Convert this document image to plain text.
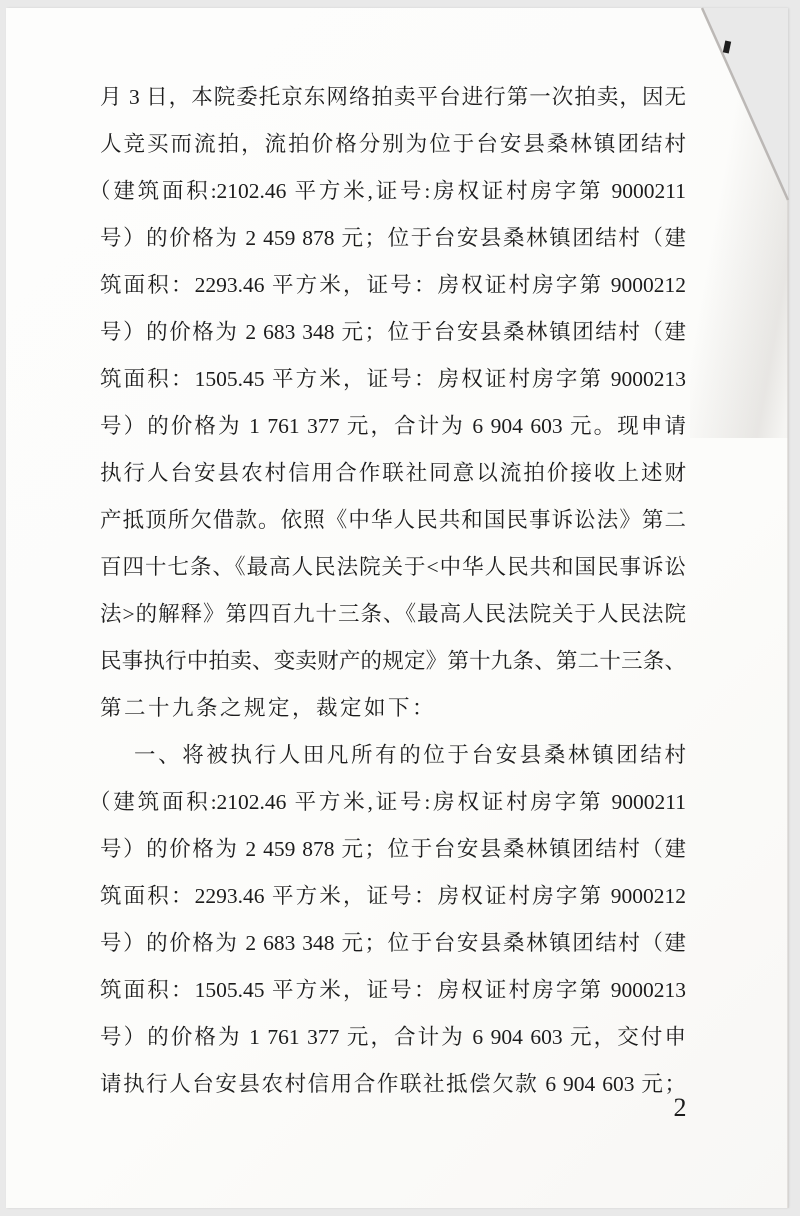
月 3 日，本院委托京东网络拍卖平台进行第一次拍卖，因无
人竞买而流拍，流拍价格分别为位于台安县桑林镇团结村
（建筑面积:2102.46 平方米,证号:房权证村房字第 9000211
号）的价格为 2 459 878 元；位于台安县桑林镇团结村（建
筑面积：2293.46 平方米，证号：房权证村房字第 9000212
号）的价格为 2 683 348 元；位于台安县桑林镇团结村（建
筑面积：1505.45 平方米，证号：房权证村房字第 9000213
号）的价格为 1 761 377 元，合计为 6 904 603 元。现申请
执行人台安县农村信用合作联社同意以流拍价接收上述财
产抵顶所欠借款。依照《中华人民共和国民事诉讼法》第二
百四十七条、《最高人民法院关于<中华人民共和国民事诉讼
法>的解释》第四百九十三条、《最高人民法院关于人民法院
民事执行中拍卖、变卖财产的规定》第十九条、第二十三条、
第二十九条之规定，裁定如下：
一、将被执行人田凡所有的位于台安县桑林镇团结村
（建筑面积:2102.46 平方米,证号:房权证村房字第 9000211
号）的价格为 2 459 878 元；位于台安县桑林镇团结村（建
筑面积：2293.46 平方米，证号：房权证村房字第 9000212
号）的价格为 2 683 348 元；位于台安县桑林镇团结村（建
筑面积：1505.45 平方米，证号：房权证村房字第 9000213
号）的价格为 1 761 377 元，合计为 6 904 603 元，交付申
请执行人台安县农村信用合作联社抵偿欠款 6 904 603 元；
2
